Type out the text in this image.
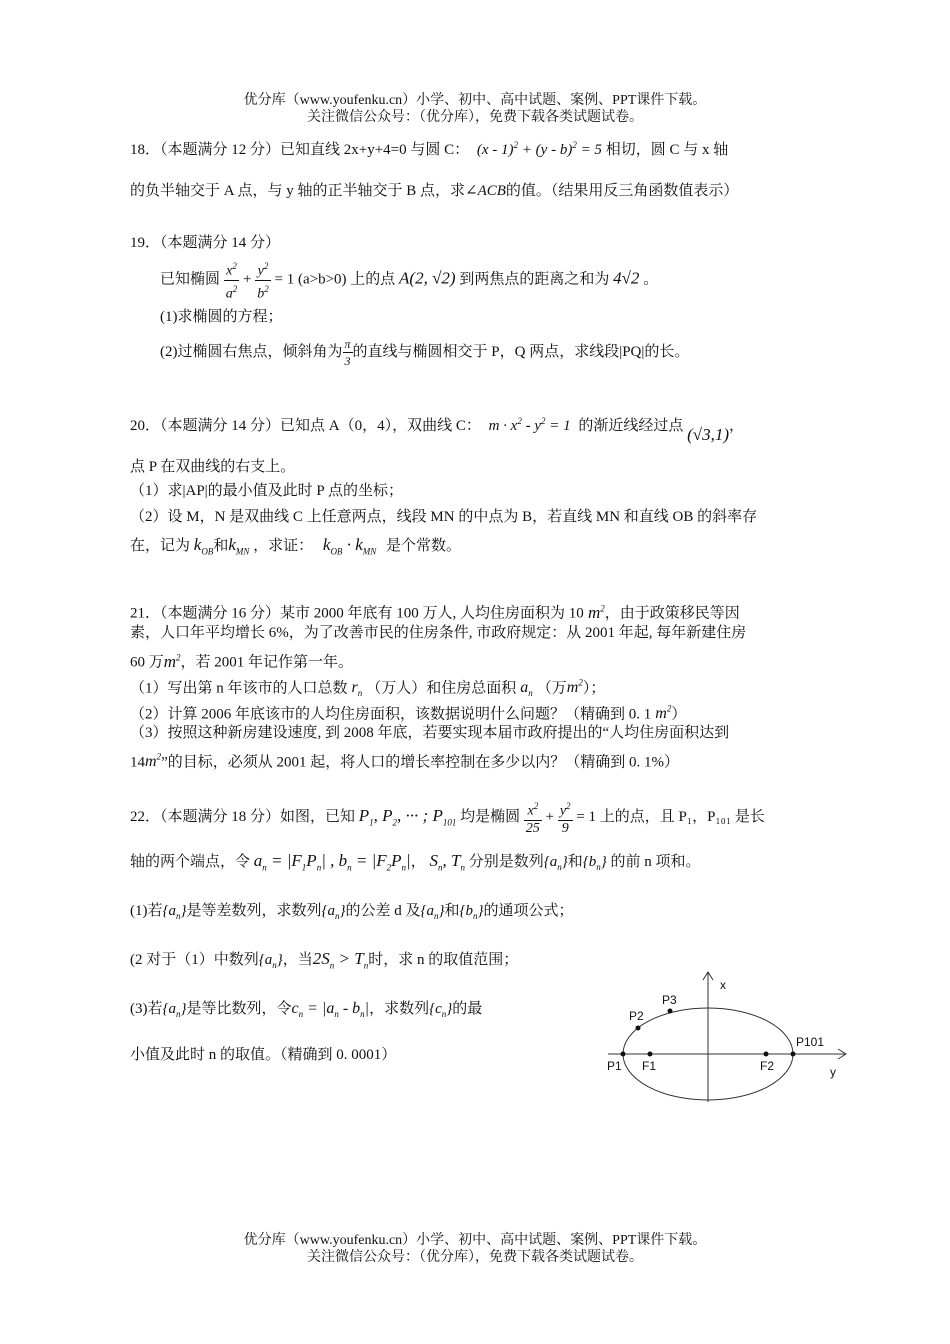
优分库（www.youfenku.cn）小学、初中、高中试题、案例、PPT课件下载。
关注微信公众号：（优分库），免费下载各类试题试卷。
18．（本题满分 12 分）已知直线 2x+y+4=0 与圆 C： (x - 1)$^2$ + (y - b)$^2$ = 5 相切，圆 C 与 x 轴
的负半轴交于 A 点，与 y 轴的正半轴交于 B 点，求∠ACB的值。（结果用反三角函数值表示）
19．（本题满分 14 分）
已知椭圆 $\frac{x^2}{a^2} + \frac{y^2}{b^2} = 1$ (a>b>0) 上的点 A(2, √2) 到两焦点的距离之和为 4√2 。
(1)求椭圆的方程；
(2)过椭圆右焦点，倾斜角为 $\frac{\pi}{3}$ 的直线与椭圆相交于 P，Q 两点，求线段|PQ|的长。
20．（本题满分 14 分）已知点 A（0，4），双曲线 C： $m \cdot x^2 - y^2 = 1$ 的渐近线经过点 (√3,1)，
点 P 在双曲线的右支上。
（1）求|AP|的最小值及此时 P 点的坐标；
（2）设 M，N 是双曲线 C 上任意两点，线段 MN 的中点为 B，若直线 MN 和直线 OB 的斜率存
在，记为 $k_{OB}$和$k_{MN}$ ，求证： $k_{OB} \cdot k_{MN}$ 是个常数。
21．（本题满分 16 分）某市 2000 年底有 100 万人, 人均住房面积为 10 $m^2$，由于政策移民等因
素，人口年平均增长 6%，为了改善市民的住房条件, 市政府规定：从 2001 年起, 每年新建住房
60 万$m^2$，若 2001 年记作第一年。
（1）写出第 n 年该市的人口总数 $r_n$ （万人）和住房总面积 $a_n$ （万$m^2$）；
（2）计算 2006 年底该市的人均住房面积，该数据说明什么问题？（精确到 0. 1 $m^2$）
（3）按照这种新房建设速度, 到 2008 年底，若要实现本届市政府提出的“人均住房面积达到
$14m^2$”的目标，必须从 2001 起，将人口的增长率控制在多少以内？（精确到 0. 1%）
22．（本题满分 18 分）如图，已知 $P_1$, $P_2$, ··· ; $P_{101}$ 均是椭圆 $\frac{x^2}{25} + \frac{y^2}{9} = 1$ 上的点，且 P₁，P₁₀₁ 是长
轴的两个端点，令 $a_n = |F_1P_n|$ , $b_n = |F_2P_n|$， $S_n$, $T_n$ 分别是数列$\{a_n\}$和$\{b_n\}$ 的前 n 项和。
(1)若$\{a_n\}$是等差数列，求数列$\{a_n\}$的公差 d 及$\{a_n\}$和$\{b_n\}$的通项公式；
(2 对于（1）中数列$\{a_n\}$，当$2S_n > T_n$时，求 n 的取值范围；
(3)若$\{a_n\}$是等比数列，令$c_n = |a_n - b_n|$，求数列$\{c_n\}$的最
小值及此时 n 的取值。（精确到 0. 0001）
x
y
P1 F1	F2
P101
P2
P3
优分库（www.youfenku.cn）小学、初中、高中试题、案例、PPT课件下载。
关注微信公众号：（优分库），免费下载各类试题试卷。
